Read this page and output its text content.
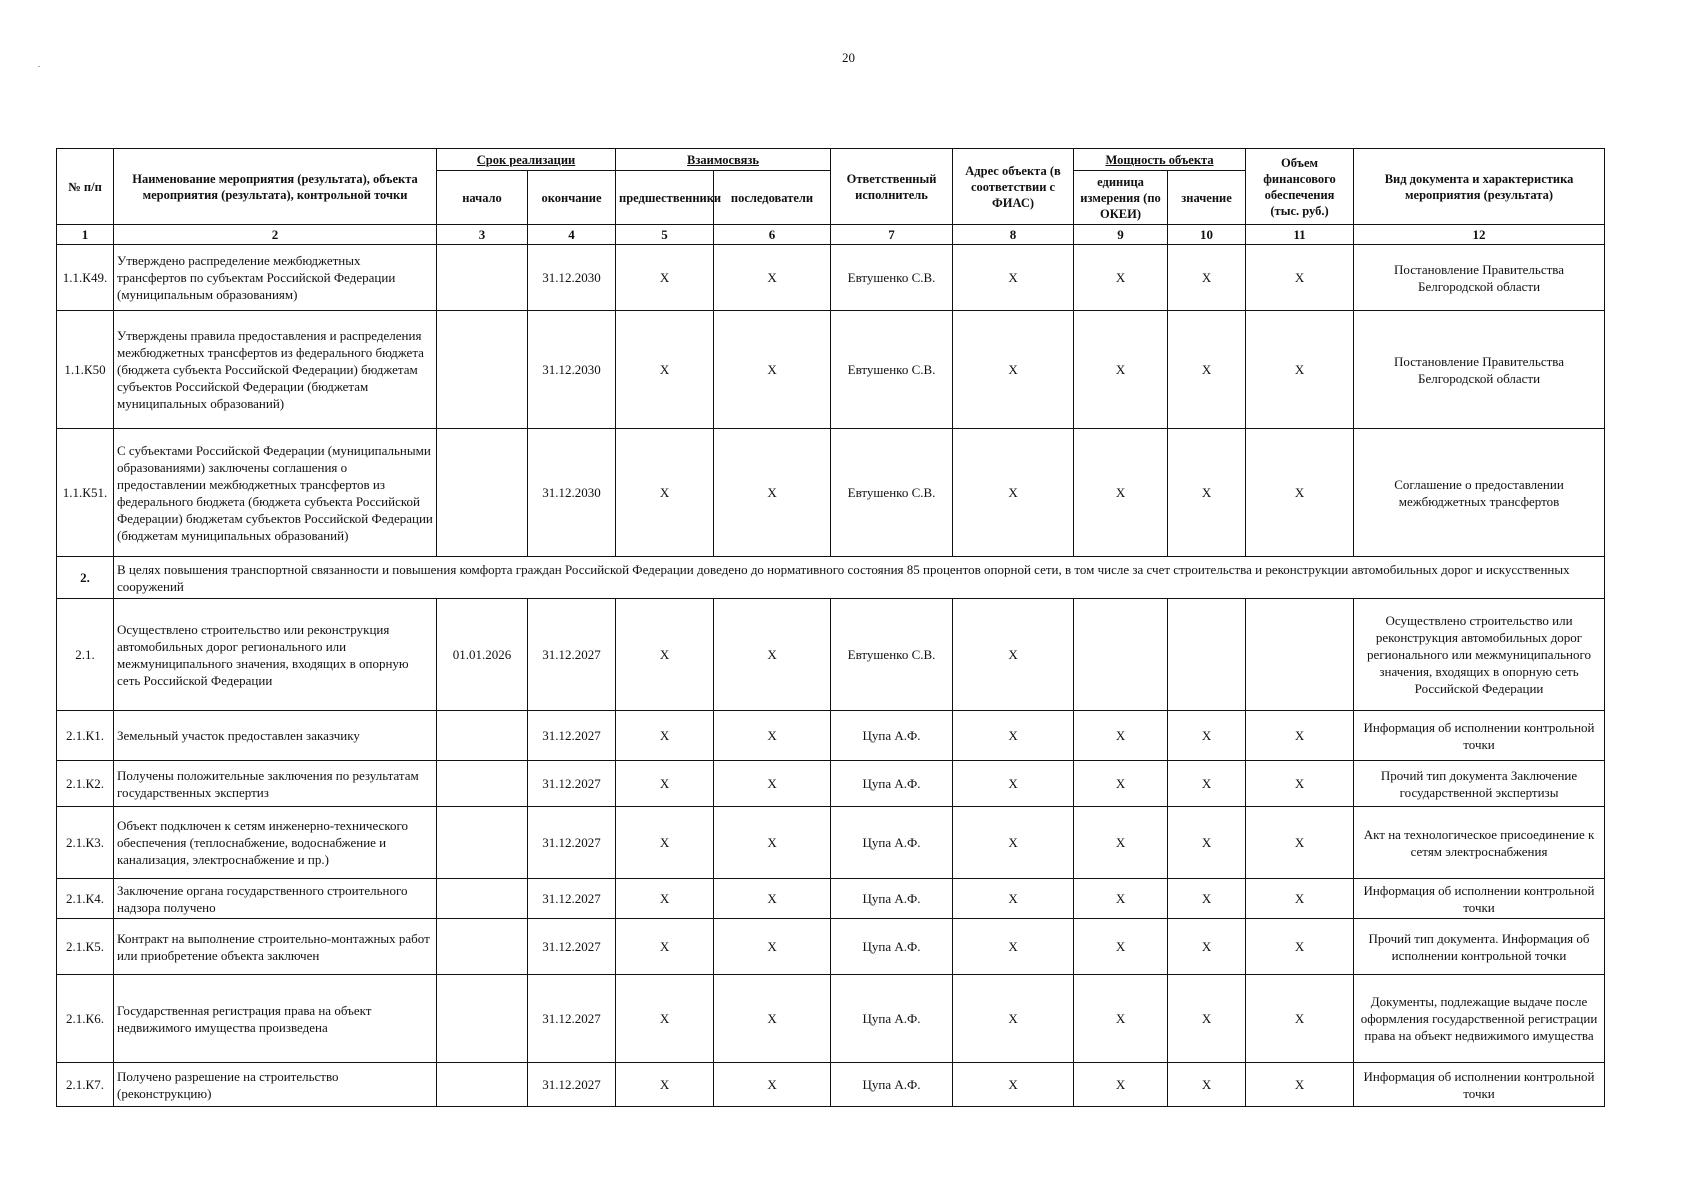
.	20
№ п/п	Наименование мероприятия (результата), объекта мероприятия (результата), контрольной точки	Срок реализации		Взаимосвязь		Ответственный исполнитель	Адрес объекта (в соответствии с ФИАС)	Мощность объекта		Объем финансового обеспечения (тыс. руб.)	Вид документа и характеристика мероприятия (результата)
		начало	окончание	предшественники	последователи			единица измерения (по ОКЕИ)	значение		
1	2	3	4	5	6	7	8	9	10	11	12
1.1.К49.	Утверждено распределение межбюджетных трансфертов по субъектам Российской Федерации (муниципальным образованиям)		31.12.2030	X	X	Евтушенко С.В.	X	X	X	X	Постановление Правительства Белгородской области
1.1.К50	Утверждены правила предоставления и распределения межбюджетных трансфертов из федерального бюджета (бюджета субъекта Российской Федерации) бюджетам субъектов Российской Федерации (бюджетам муниципальных образований)		31.12.2030	X	X	Евтушенко С.В.	X	X	X	X	Постановление Правительства Белгородской области
1.1.К51.	С субъектами Российской Федерации (муниципальными образованиями) заключены соглашения о предоставлении межбюджетных трансфертов из федерального бюджета (бюджета субъекта Российской Федерации) бюджетам субъектов Российской Федерации (бюджетам муниципальных образований)		31.12.2030	X	X	Евтушенко С.В.	X	X	X	X	Соглашение о предоставлении межбюджетных трансфертов
2.	В целях повышения транспортной связанности и повышения комфорта граждан Российской Федерации доведено до нормативного состояния 85 процентов опорной сети, в том числе за счет строительства и реконструкции автомобильных дорог и искусственных сооружений										
2.1.	Осуществлено строительство или реконструкция автомобильных дорог регионального или межмуниципального значения, входящих в опорную сеть Российской Федерации	01.01.2026	31.12.2027	X	X	Евтушенко С.В.	X				Осуществлено строительство или реконструкция автомобильных дорог регионального или межмуниципального значения, входящих в опорную сеть Российской Федерации
2.1.К1.	Земельный участок предоставлен заказчику		31.12.2027	X	X	Цупа А.Ф.	X	X	X	X	Информация об исполнении контрольной точки
2.1.К2.	Получены положительные заключения по результатам государственных экспертиз		31.12.2027	X	X	Цупа А.Ф.	X	X	X	X	Прочий тип документа Заключение государственной экспертизы
2.1.К3.	Объект подключен к сетям инженерно-технического обеспечения (теплоснабжение, водоснабжение и канализация, электроснабжение и пр.)		31.12.2027	X	X	Цупа А.Ф.	X	X	X	X	Акт на технологическое присоединение к сетям электроснабжения
2.1.К4.	Заключение органа государственного строительного надзора получено		31.12.2027	X	X	Цупа А.Ф.	X	X	X	X	Информация об исполнении контрольной точки
2.1.К5.	Контракт на выполнение строительно-монтажных работ или приобретение объекта заключен		31.12.2027	X	X	Цупа А.Ф.	X	X	X	X	Прочий тип документа. Информация об исполнении контрольной точки
2.1.К6.	Государственная регистрация права на объект недвижимого имущества произведена		31.12.2027	X	X	Цупа А.Ф.	X	X	X	X	Документы, подлежащие выдаче после оформления государственной регистрации права на объект недвижимого имущества
2.1.К7.	Получено разрешение на строительство (реконструкцию)		31.12.2027	X	X	Цупа А.Ф.	X	X	X	X	Информация об исполнении контрольной точки
